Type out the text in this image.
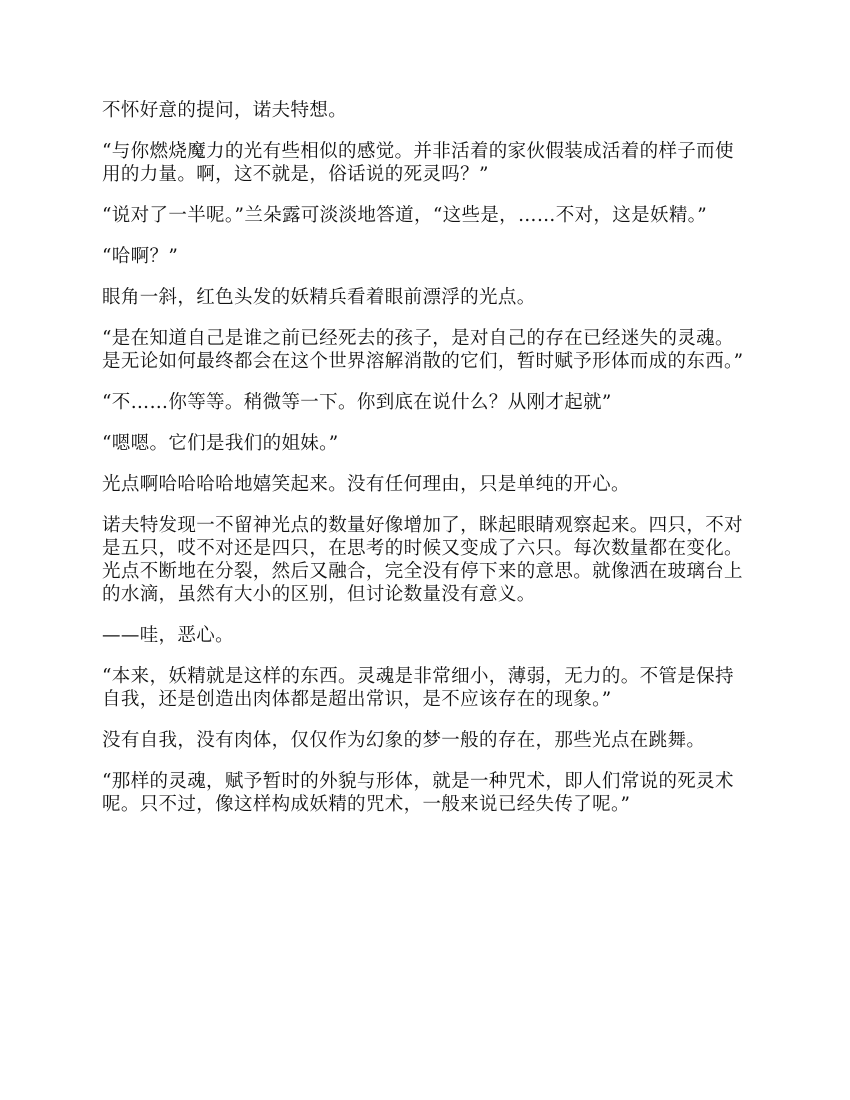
不怀好意的提问，诺夫特想。

“与你燃烧魔力的光有些相似的感觉。并非活着的家伙假装成活着的样子而使用的力量。啊，这不就是，俗话说的死灵吗？”

“说对了一半呢。”兰朵露可淡淡地答道，“这些是，……不对，这是妖精。”

“哈啊？”

眼角一斜，红色头发的妖精兵看着眼前漂浮的光点。

“是在知道自己是谁之前已经死去的孩子，是对自己的存在已经迷失的灵魂。是无论如何最终都会在这个世界溶解消散的它们，暂时赋予形体而成的东西。”

“不……你等等。稍微等一下。你到底在说什么？从刚才起就”

“嗯嗯。它们是我们的姐妹。”

光点啊哈哈哈哈地嬉笑起来。没有任何理由，只是单纯的开心。

诺夫特发现一不留神光点的数量好像增加了，眯起眼睛观察起来。四只，不对是五只，哎不对还是四只，在思考的时候又变成了六只。每次数量都在变化。光点不断地在分裂，然后又融合，完全没有停下来的意思。就像洒在玻璃台上的水滴，虽然有大小的区别，但讨论数量没有意义。

——哇，恶心。

“本来，妖精就是这样的东西。灵魂是非常细小，薄弱，无力的。不管是保持自我，还是创造出肉体都是超出常识，是不应该存在的现象。”

没有自我，没有肉体，仅仅作为幻象的梦一般的存在，那些光点在跳舞。

“那样的灵魂，赋予暂时的外貌与形体，就是一种咒术，即人们常说的死灵术呢。只不过，像这样构成妖精的咒术，一般来说已经失传了呢。”
